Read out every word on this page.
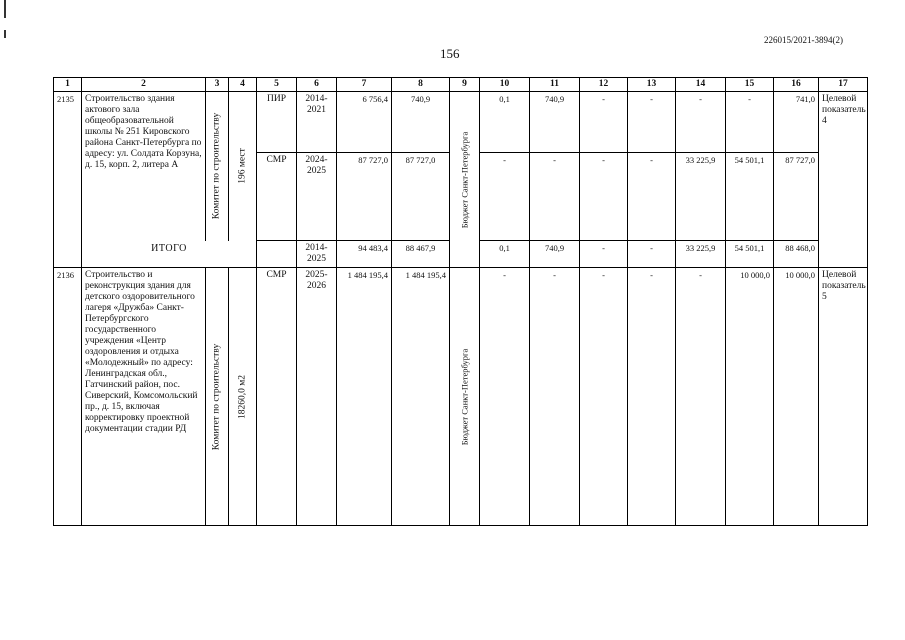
226015/2021-3894(2)
156
1	2	3	4	5	6	7	8	9	10	11	12	13	14	15	16	17
2135	Строительство здания актового зала общеобразовательной школы № 251 Кировского района Санкт-Петербурга по адресу: ул. Солдата Корзуна, д. 15, корп. 2, литера А	Комитет по строительству	196 мест	ПИР	2014-2021	6 756,4	740,9	Бюджет Санкт-Петербурга	0,1	740,9	-	-	-	-	741,0	Целевой показатель 4
				СМР	2024-2025	87 727,0	87 727,0		-	-	-	-	33 225,9	54 501,1	87 727,0	
	ИТОГО				2014-2025	94 483,4	88 467,9		0,1	740,9	-	-	33 225,9	54 501,1	88 468,0	
2136	Строительство и реконструкция здания для детского оздоровительного лагеря «Дружба» Санкт-Петербургского государственного учреждения «Центр оздоровления и отдыха «Молодежный» по адресу: Ленинградская обл., Гатчинский район, пос. Сиверский, Комсомольский пр., д. 15, включая корректировку проектной документации стадии РД	Комитет по строительству	18260,0 м2	СМР	2025-2026	1 484 195,4	1 484 195,4	Бюджет Санкт-Петербурга	-	-	-	-	-	10 000,0	10 000,0	Целевой показатель 5
